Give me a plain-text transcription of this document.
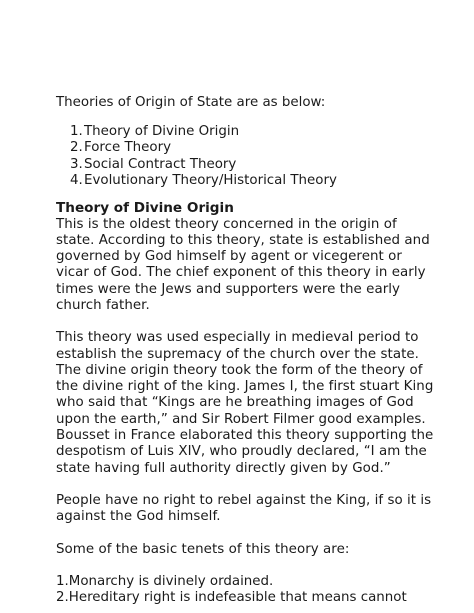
Theories of Origin of State are as below:

1. Theory of Divine Origin
2. Force Theory
3. Social Contract Theory
4. Evolutionary Theory/Historical Theory
Theory of Divine Origin

This is the oldest theory concerned in the origin of state. According to this theory, state is established and governed by God himself by agent or vicegerent or vicar of God. The chief exponent of this theory in early times were the Jews and supporters were the early church father.

This theory was used especially in medieval period to establish the supremacy of the church over the state. The divine origin theory took the form of the theory of the divine right of the king. James I, the first stuart King who said that “Kings are he breathing images of God upon the earth,” and Sir Robert Filmer good examples. Bousset in France elaborated this theory supporting the despotism of Luis XIV, who proudly declared, “I am the state having full authority directly given by God.”

People have no right to rebel against the King, if so it is against the God himself.

Some of the basic tenets of this theory are:

1.Monarchy is divinely ordained.
2.Hereditary right is indefeasible that means cannot
